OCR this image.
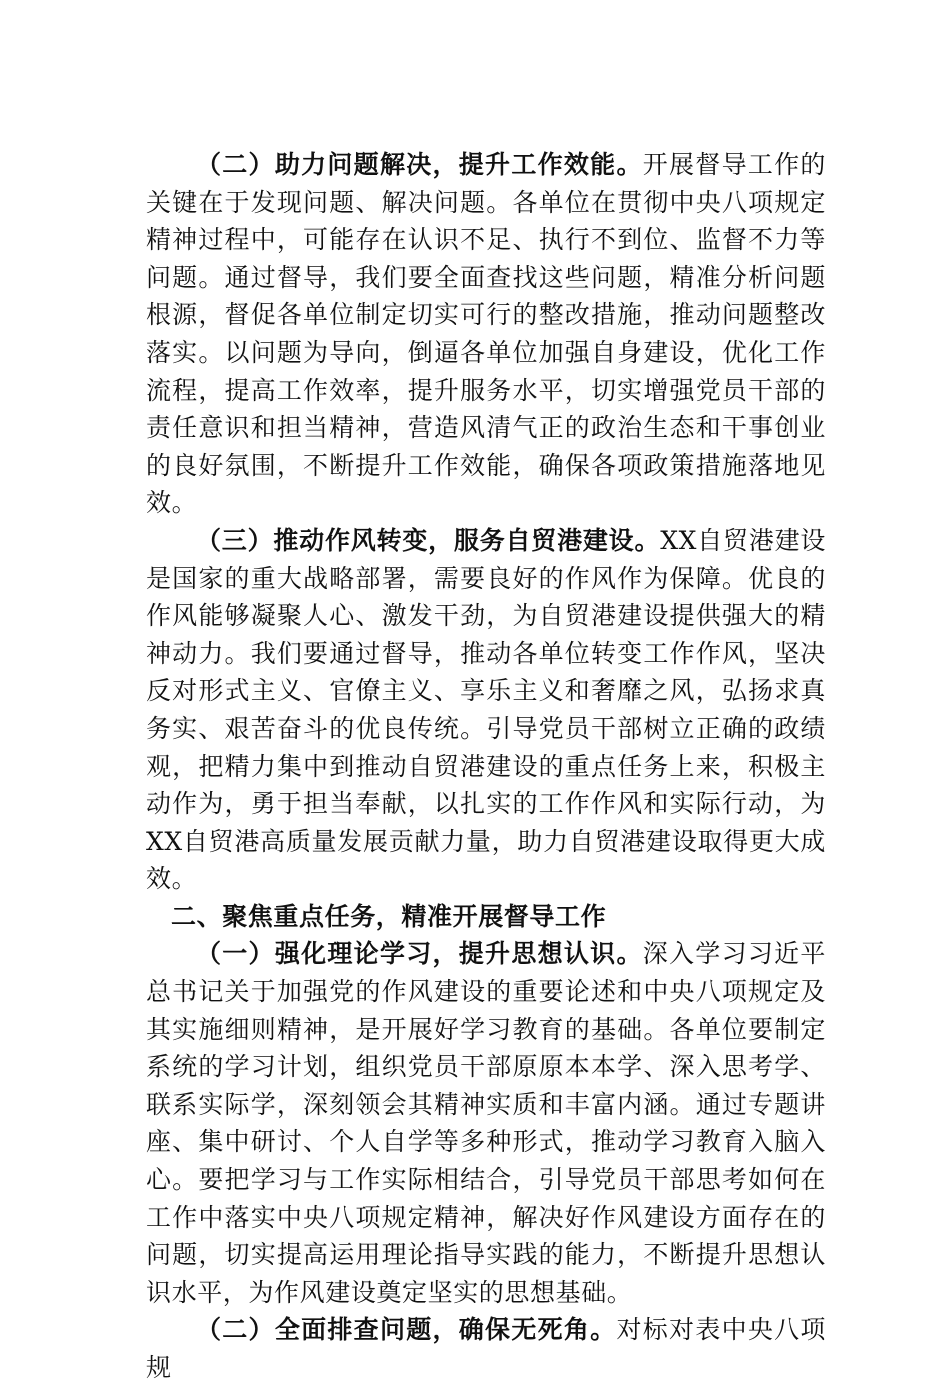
（二）助力问题解决，提升工作效能。开展督导工作的关键在于发现问题、解决问题。各单位在贯彻中央八项规定精神过程中，可能存在认识不足、执行不到位、监督不力等问题。通过督导，我们要全面查找这些问题，精准分析问题根源，督促各单位制定切实可行的整改措施，推动问题整改落实。以问题为导向，倒逼各单位加强自身建设，优化工作流程，提高工作效率，提升服务水平，切实增强党员干部的责任意识和担当精神，营造风清气正的政治生态和干事创业的良好氛围，不断提升工作效能，确保各项政策措施落地见效。

（三）推动作风转变，服务自贸港建设。XX自贸港建设是国家的重大战略部署，需要良好的作风作为保障。优良的作风能够凝聚人心、激发干劲，为自贸港建设提供强大的精神动力。我们要通过督导，推动各单位转变工作作风，坚决反对形式主义、官僚主义、享乐主义和奢靡之风，弘扬求真务实、艰苦奋斗的优良传统。引导党员干部树立正确的政绩观，把精力集中到推动自贸港建设的重点任务上来，积极主动作为，勇于担当奉献，以扎实的工作作风和实际行动，为XX自贸港高质量发展贡献力量，助力自贸港建设取得更大成效。

二、聚焦重点任务，精准开展督导工作

（一）强化理论学习，提升思想认识。深入学习习近平总书记关于加强党的作风建设的重要论述和中央八项规定及其实施细则精神，是开展好学习教育的基础。各单位要制定系统的学习计划，组织党员干部原原本本学、深入思考学、联系实际学，深刻领会其精神实质和丰富内涵。通过专题讲座、集中研讨、个人自学等多种形式，推动学习教育入脑入心。要把学习与工作实际相结合，引导党员干部思考如何在工作中落实中央八项规定精神，解决好作风建设方面存在的问题，切实提高运用理论指导实践的能力，不断提升思想认识水平，为作风建设奠定坚实的思想基础。

（二）全面排查问题，确保无死角。对标对表中央八项规
